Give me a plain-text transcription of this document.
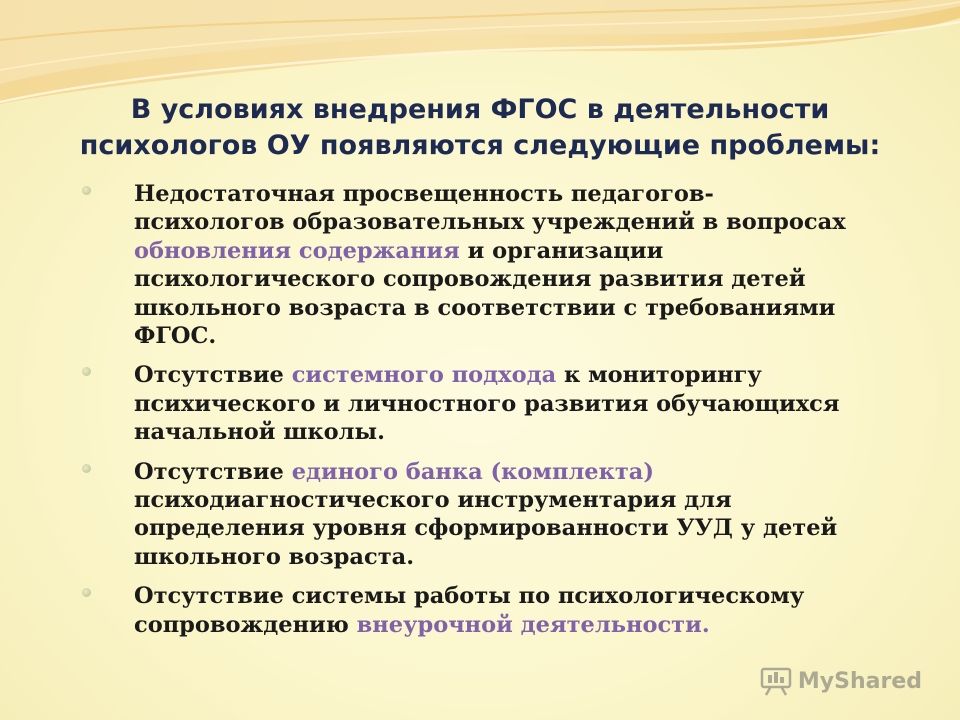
В условиях внедрения ФГОС в деятельности
психологов ОУ появляются следующие проблемы:
Недостаточная просвещенность педагогов-
психологов образовательных учреждений в вопросах
обновления содержания и организации
психологического сопровождения развития детей
школьного возраста в соответствии с требованиями
ФГОС.
Отсутствие системного подхода к мониторингу
психического и личностного развития обучающихся
начальной школы.
Отсутствие единого банка (комплекта)
психодиагностического инструментария для
определения уровня сформированности УУД у детей
школьного возраста.
Отсутствие системы работы по психологическому
сопровождению внеурочной деятельности.
MyShared
